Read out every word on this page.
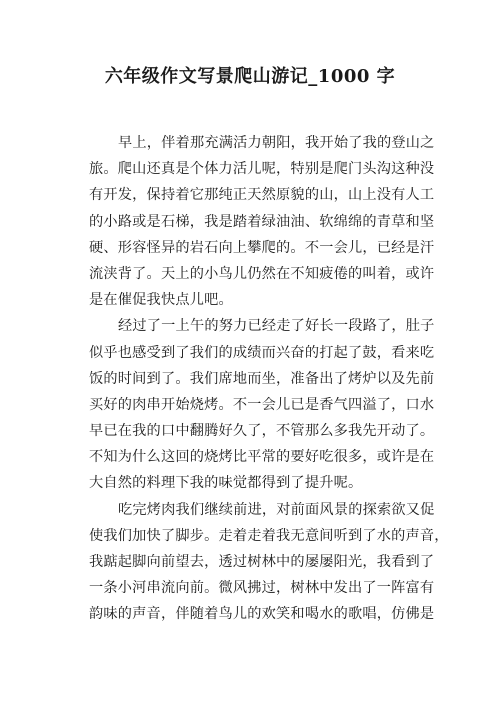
六年级作文写景爬山游记_1000 字
早上，伴着那充满活力朝阳，我开始了我的登山之
旅。爬山还真是个体力活儿呢，特别是爬门头沟这种没
有开发，保持着它那纯正天然原貌的山，山上没有人工
的小路或是石梯，我是踏着绿油油、软绵绵的青草和坚
硬、形容怪异的岩石向上攀爬的。不一会儿，已经是汗
流浃背了。天上的小鸟儿仍然在不知疲倦的叫着，或许
是在催促我快点儿吧。
经过了一上午的努力已经走了好长一段路了，肚子
似乎也感受到了我们的成绩而兴奋的打起了鼓，看来吃
饭的时间到了。我们席地而坐，准备出了烤炉以及先前
买好的肉串开始烧烤。不一会儿已是香气四溢了，口水
早已在我的口中翻腾好久了，不管那么多我先开动了。
不知为什么这回的烧烤比平常的要好吃很多，或许是在
大自然的料理下我的味觉都得到了提升呢。
吃完烤肉我们继续前进，对前面风景的探索欲又促
使我们加快了脚步。走着走着我无意间听到了水的声音，
我踮起脚向前望去，透过树林中的屡屡阳光，我看到了
一条小河串流向前。微风拂过，树林中发出了一阵富有
韵味的声音，伴随着鸟儿的欢笑和喝水的歌唱，仿佛是
